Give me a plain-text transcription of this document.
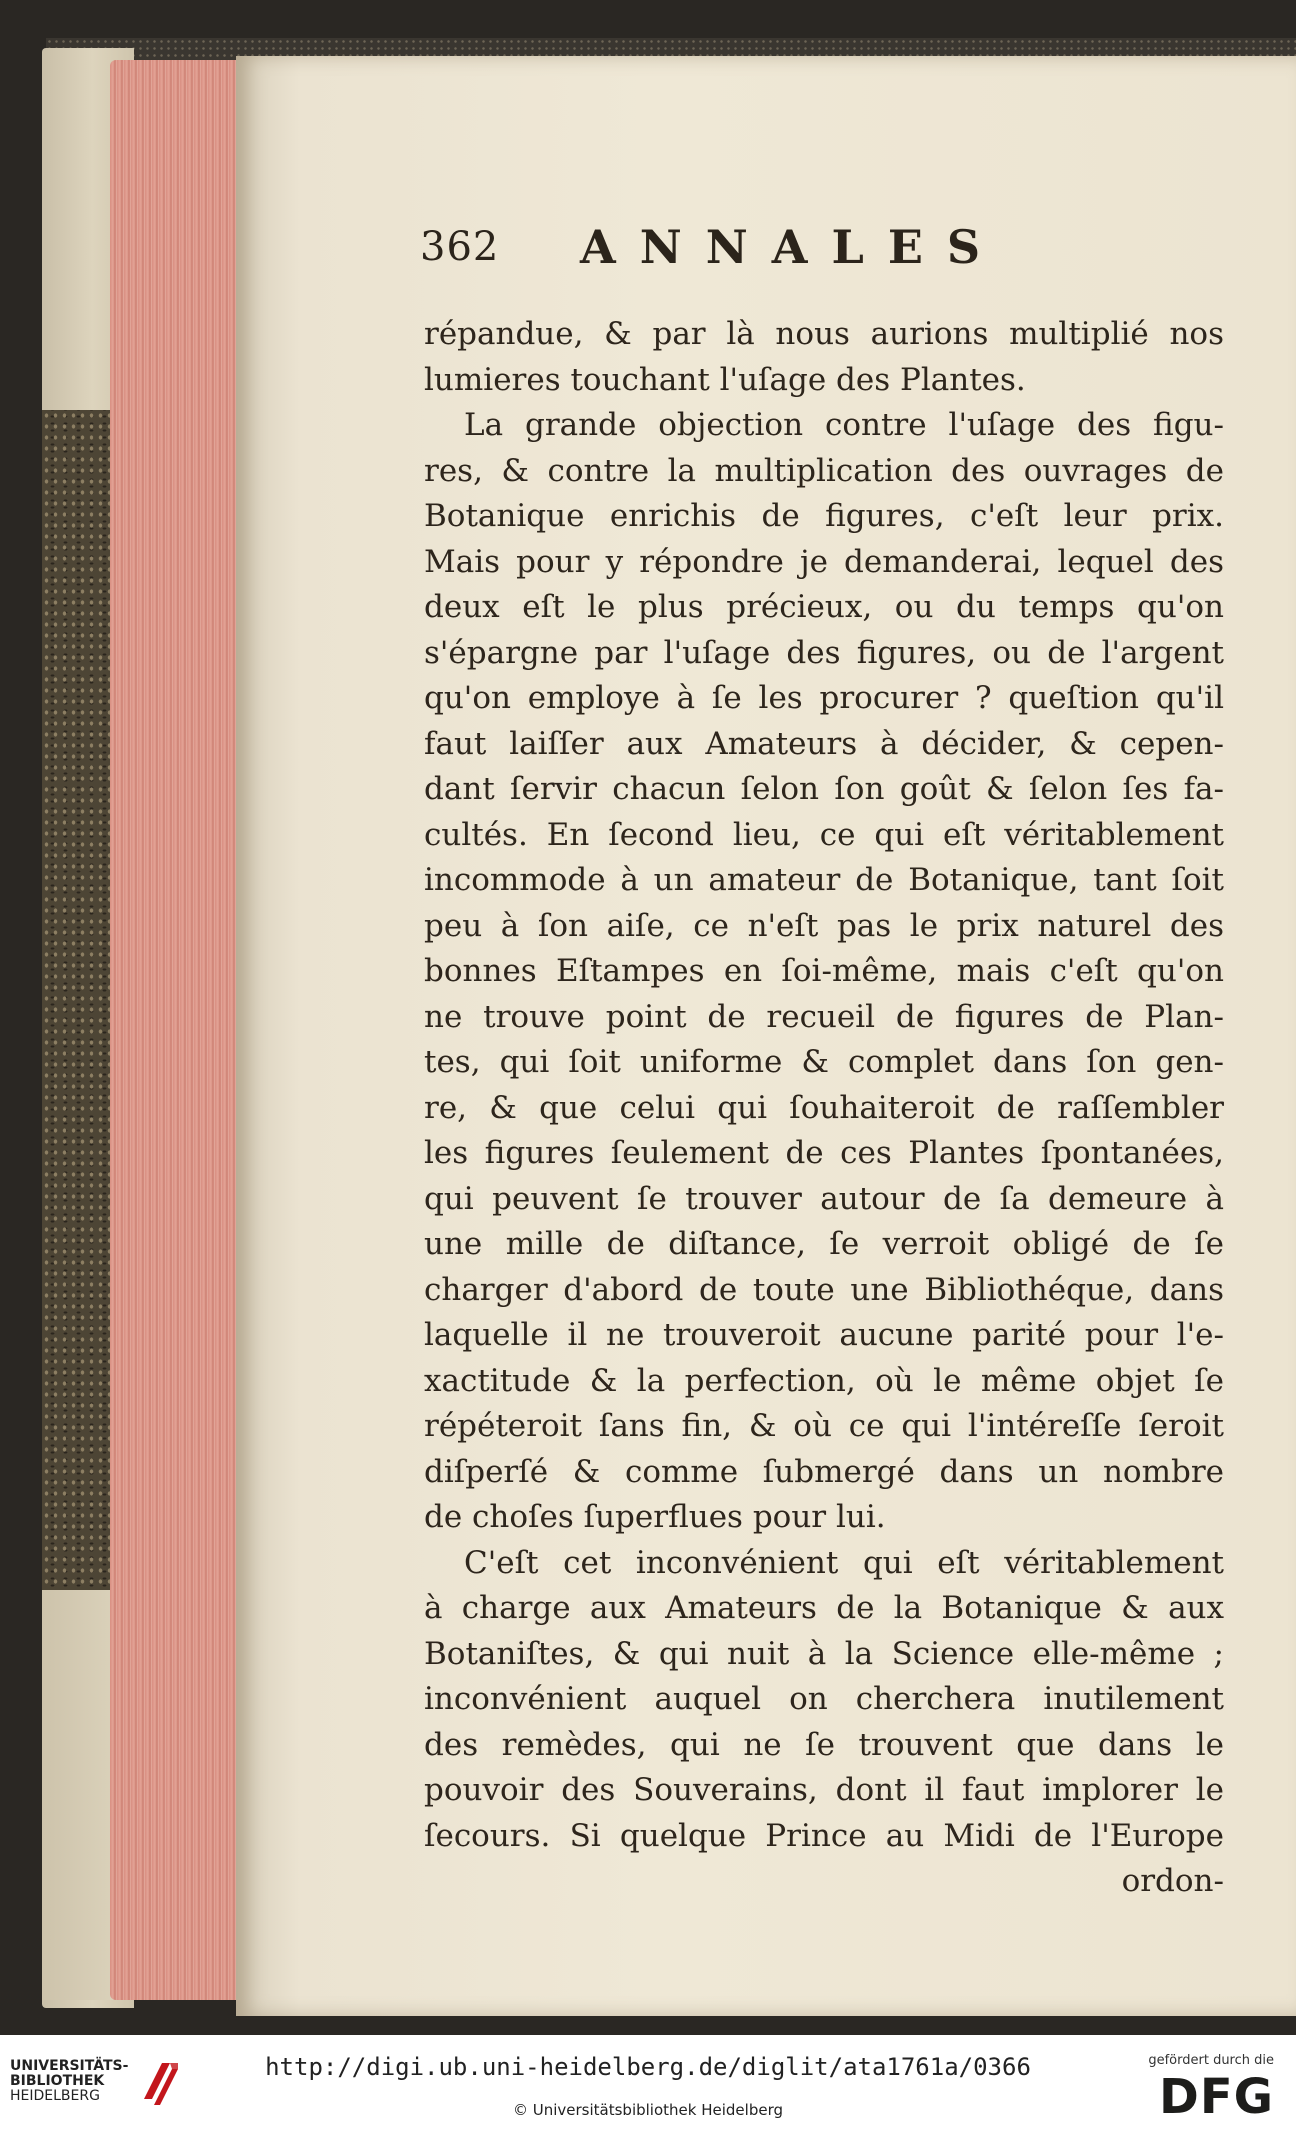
362 ANNALES
répandue, & par là nous aurions multiplié nos
lumieres touchant l'uſage des Plantes.
La grande objection contre l'uſage des figu-
res, & contre la multiplication des ouvrages de
Botanique enrichis de figures, c'eſt leur prix.
Mais pour y répondre je demanderai, lequel des
deux eſt le plus précieux, ou du temps qu'on
s'épargne par l'uſage des figures, ou de l'argent
qu'on employe à ſe les procurer ? queſtion qu'il
faut laiſſer aux Amateurs à décider, & cepen-
dant ſervir chacun ſelon ſon goût & ſelon ſes fa-
cultés. En ſecond lieu, ce qui eſt véritablement
incommode à un amateur de Botanique, tant ſoit
peu à ſon aiſe, ce n'eſt pas le prix naturel des
bonnes Eſtampes en ſoi-même, mais c'eſt qu'on
ne trouve point de recueil de figures de Plan-
tes, qui ſoit uniforme & complet dans ſon gen-
re, & que celui qui ſouhaiteroit de raſſembler
les figures ſeulement de ces Plantes ſpontanées,
qui peuvent ſe trouver autour de ſa demeure à
une mille de diſtance, ſe verroit obligé de ſe
charger d'abord de toute une Bibliothéque, dans
laquelle il ne trouveroit aucune parité pour l'e-
xactitude & la perfection, où le même objet ſe
répéteroit ſans fin, & où ce qui l'intéreſſe ſeroit
diſperſé & comme ſubmergé dans un nombre
de choſes ſuperflues pour lui.
C'eſt cet inconvénient qui eſt véritablement
à charge aux Amateurs de la Botanique & aux
Botaniſtes, & qui nuit à la Science elle-même ;
inconvénient auquel on cherchera inutilement
des remèdes, qui ne ſe trouvent que dans le
pouvoir des Souverains, dont il faut implorer le
ſecours. Si quelque Prince au Midi de l'Europe
ordon-
UNIVERSITÄTS-
BIBLIOTHEK
HEIDELBERG
http://digi.ub.uni-heidelberg.de/diglit/ata1761a/0366
© Universitätsbibliothek Heidelberg
gefördert durch die
DFG
